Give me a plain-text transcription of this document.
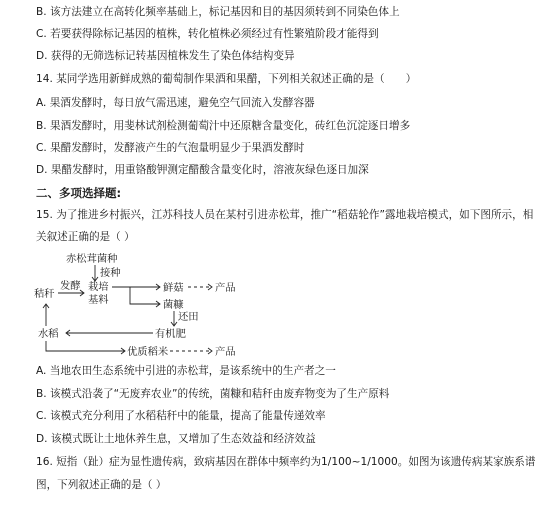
B. 该方法建立在高转化频率基础上，标记基因和目的基因须转到不同染色体上
C. 若要获得除标记基因的植株，转化植株必须经过有性繁殖阶段才能得到
D. 获得的无筛选标记转基因植株发生了染色体结构变异
14. 某同学选用新鲜成熟的葡萄制作果酒和果醋，下列相关叙述正确的是（　　）
A. 果酒发酵时，每日放气需迅速，避免空气回流入发酵容器
B. 果酒发酵时，用斐林试剂检测葡萄汁中还原糖含量变化，砖红色沉淀逐日增多
C. 果醋发酵时，发酵液产生的气泡量明显少于果酒发酵时
D. 果醋发酵时，用重铬酸钾测定醋酸含量变化时，溶液灰绿色逐日加深
二、多项选择题:
15. 为了推进乡村振兴，江苏科技人员在某村引进赤松茸，推广“稻菇轮作”露地栽培模式，如下图所示，相
关叙述正确的是（ ）
赤松茸菌种
接种
秸秆
发酵 栽培
基料
鲜菇	产品
菌糠
还田
水稻	有机肥
优质稻米	产品
A. 当地农田生态系统中引进的赤松茸，是该系统中的生产者之一
B. 该模式沿袭了“无废弃农业”的传统，菌糠和秸秆由废弃物变为了生产原料
C. 该模式充分利用了水稻秸秆中的能量，提高了能量传递效率
D. 该模式既让土地休养生息，又增加了生态效益和经济效益
16. 短指（趾）症为显性遗传病，致病基因在群体中频率约为1/100~1/1000。如图为该遗传病某家族系谱
图，下列叙述正确的是（ ）
